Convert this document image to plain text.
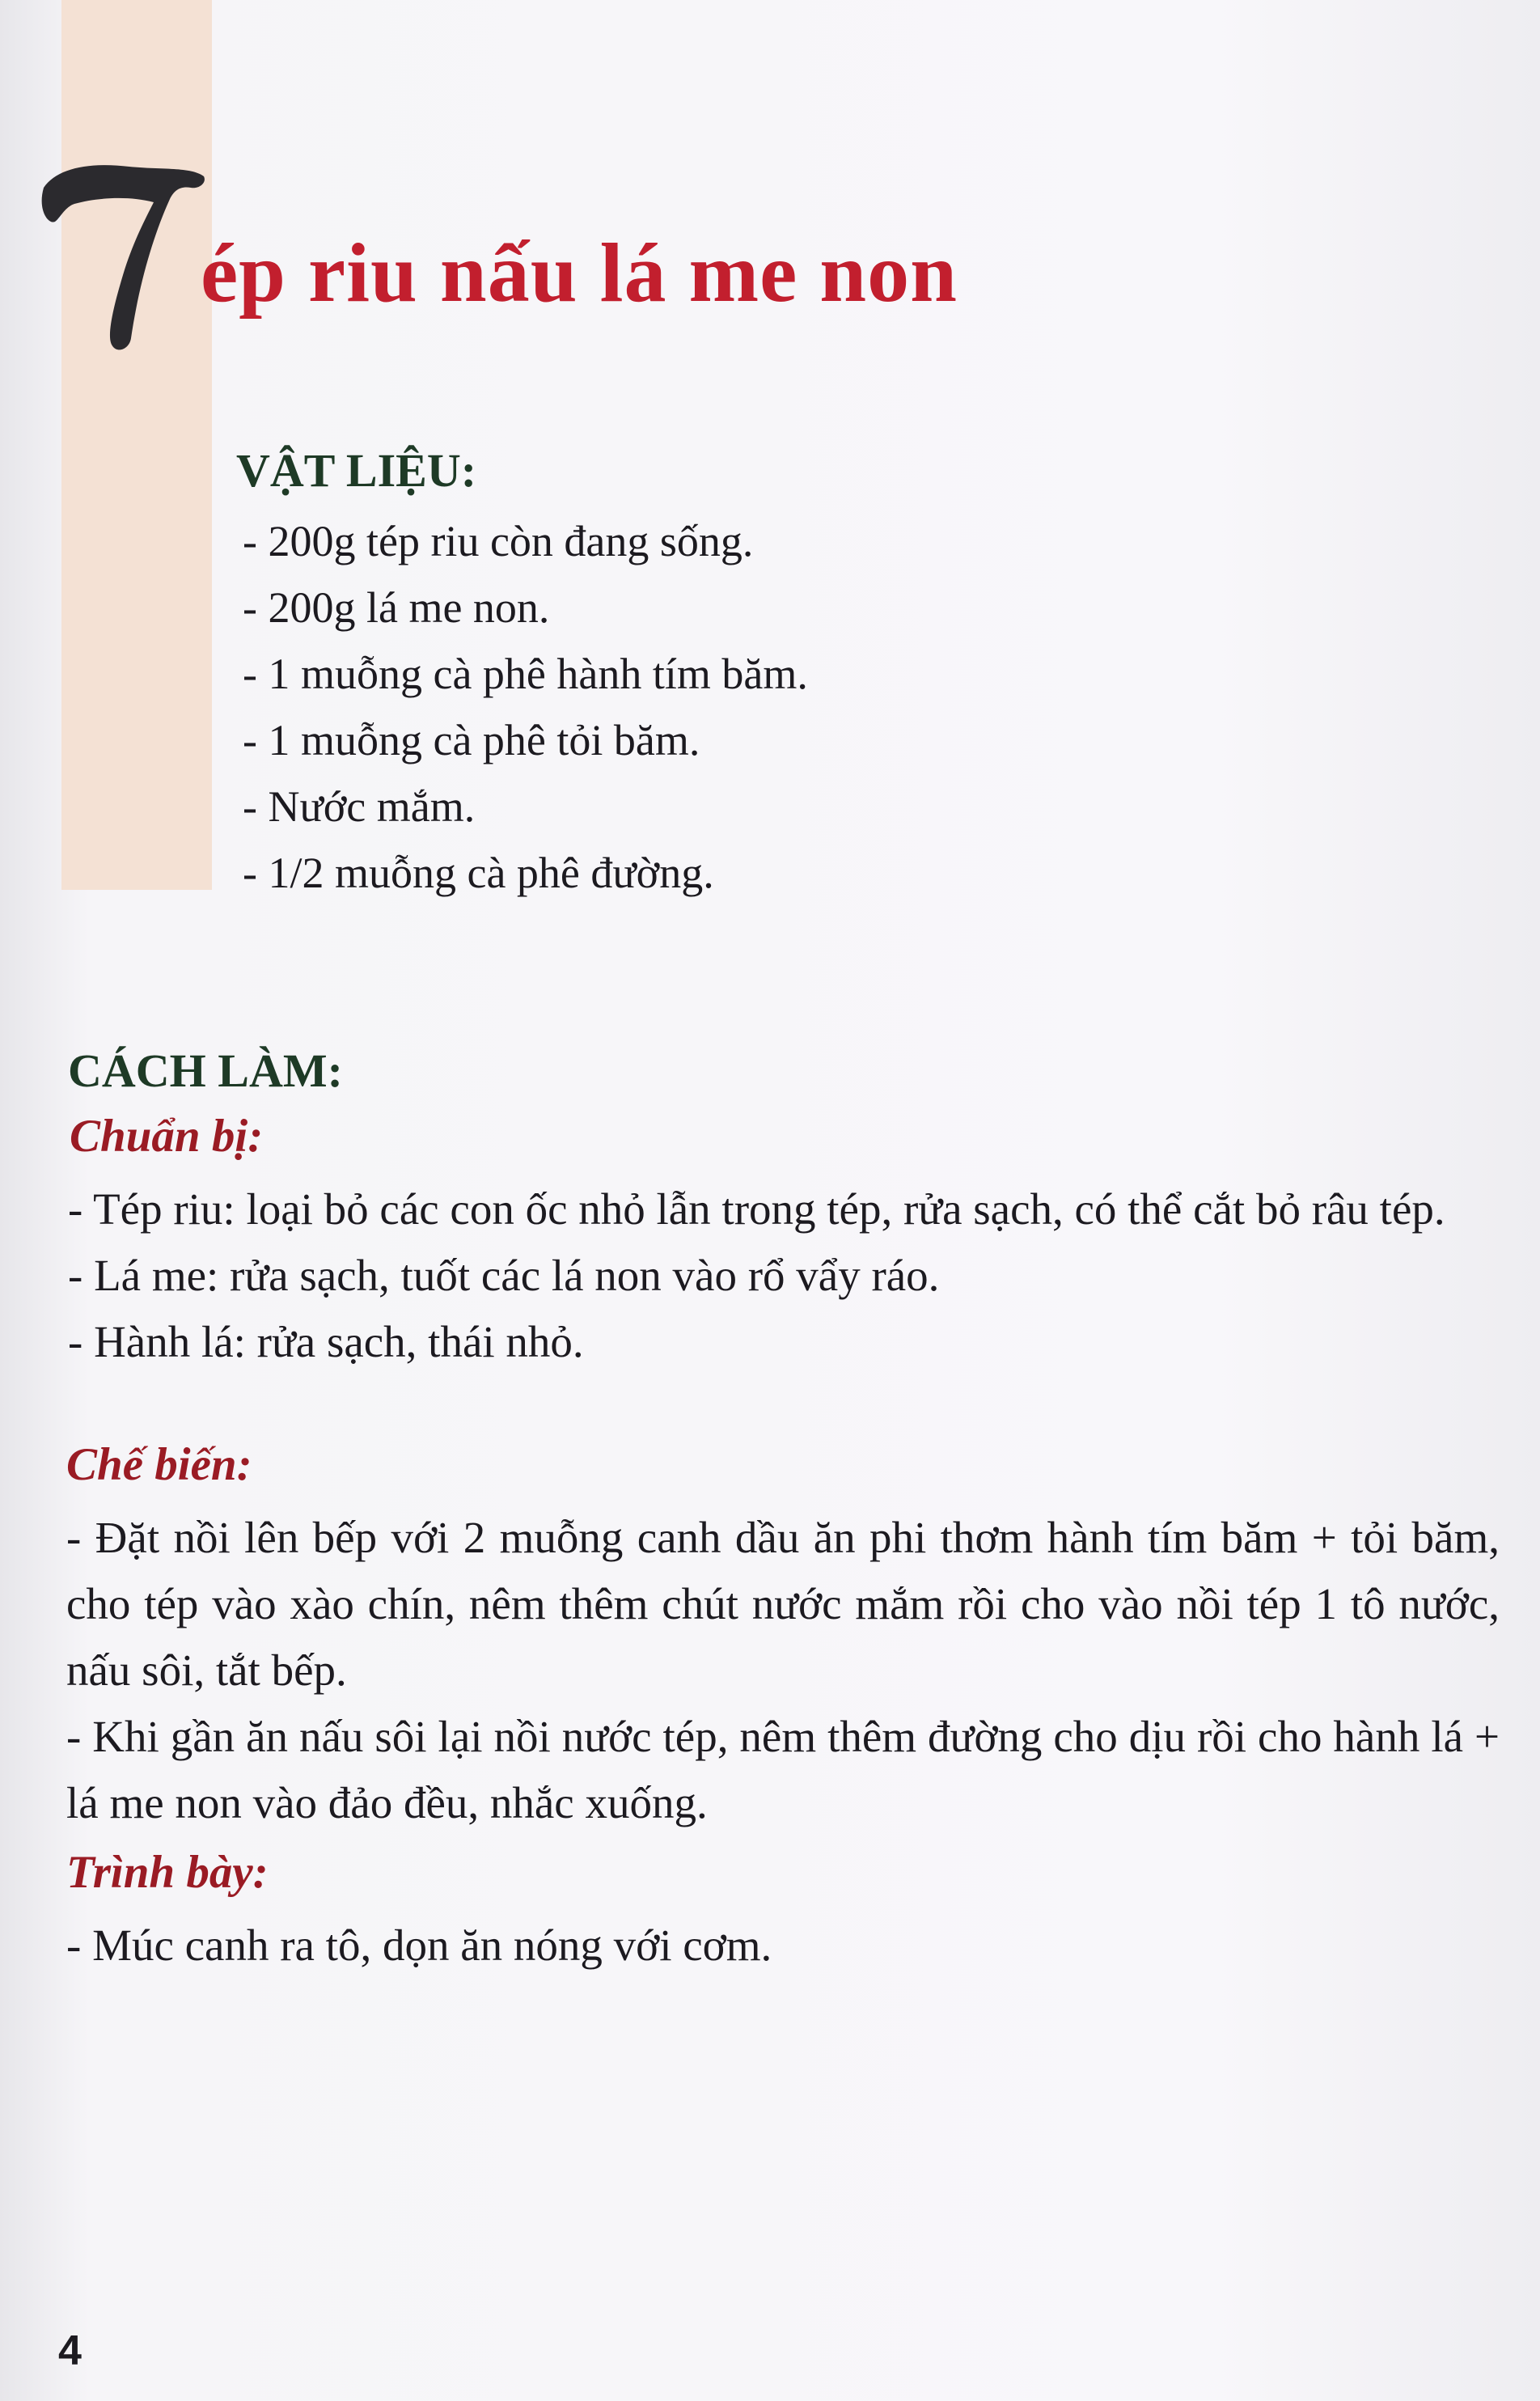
ép riu nấu lá me non
VẬT LIỆU:
- 200g tép riu còn đang sống.
- 200g lá me non.
- 1 muỗng cà phê hành tím băm.
- 1 muỗng cà phê tỏi băm.
- Nước mắm.
- 1/2 muỗng cà phê đường.
CÁCH LÀM:
Chuẩn bị:

- Tép riu: loại bỏ các con ốc nhỏ lẫn trong tép, rửa sạch, có thể cắt bỏ râu tép.

- Lá me: rửa sạch, tuốt các lá non vào rổ vẩy ráo.

- Hành lá: rửa sạch, thái nhỏ.

Chế biến:

- Đặt nồi lên bếp với 2 muỗng canh dầu ăn phi thơm hành tím băm + tỏi băm, cho tép vào xào chín, nêm thêm chút nước mắm rồi cho vào nồi tép 1 tô nước, nấu sôi, tắt bếp.

- Khi gần ăn nấu sôi lại nồi nước tép, nêm thêm đường cho dịu rồi cho hành lá + lá me non vào đảo đều, nhắc xuống.

Trình bày:

- Múc canh ra tô, dọn ăn nóng với cơm.

4
